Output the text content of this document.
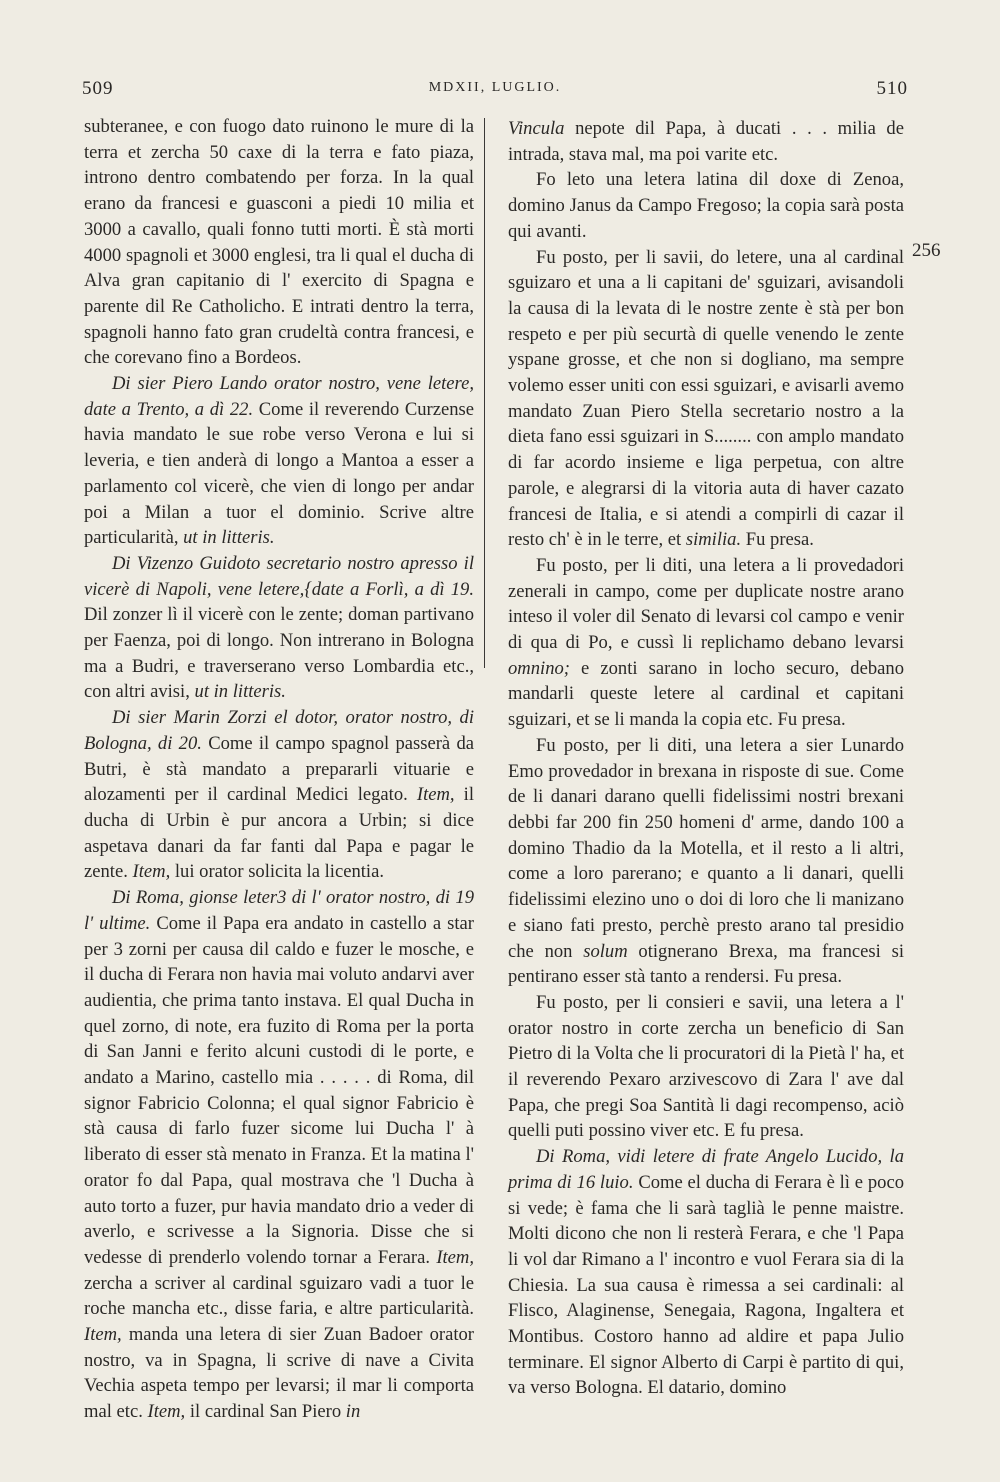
509	MDXII, LUGLIO.	510
256

subteranee, e con fuogo dato ruinono le mure di la terra et zercha 50 caxe di la terra e fato piaza, introno dentro combatendo per forza. In la qual erano da francesi e guasconi a piedi 10 milia et 3000 a cavallo, quali fonno tutti morti. È stà morti 4000 spagnoli et 3000 englesi, tra li qual el ducha di Alva gran capitanio di l' exercito di Spagna e parente dil Re Catholicho. E intrati dentro la terra, spagnoli hanno fato gran crudeltà contra francesi, e che corevano fino a Bordeos.

Di sier Piero Lando orator nostro, vene letere, date a Trento, a dì 22. Come il reverendo Curzense havia mandato le sue robe verso Verona e lui si leveria, e tien anderà di longo a Mantoa a esser a parlamento col vicerè, che vien di longo per andar poi a Milan a tuor el dominio. Scrive altre particularità, ut in litteris.

Di Vizenzo Guidoto secretario nostro apresso il vicerè di Napoli, vene letere,{date a Forlì, a dì 19. Dil zonzer lì il vicerè con le zente; doman partivano per Faenza, poi di longo. Non intrerano in Bologna ma a Budri, e traverserano verso Lombardia etc., con altri avisi, ut in litteris.

Di sier Marin Zorzi el dotor, orator nostro, di Bologna, di 20. Come il campo spagnol passerà da Butri, è stà mandato a prepararli vituarie e alozamenti per il cardinal Medici legato. Item, il ducha di Urbin è pur ancora a Urbin; si dice aspetava danari da far fanti dal Papa e pagar le zente. Item, lui orator solicita la licentia.

Di Roma, gionse leter3 di l' orator nostro, di 19 l' ultime. Come il Papa era andato in castello a star per 3 zorni per causa dil caldo e fuzer le mosche, e il ducha di Ferara non havia mai voluto andarvi aver audientia, che prima tanto instava. El qual Ducha in quel zorno, di note, era fuzito di Roma per la porta di San Janni e ferito alcuni custodi di le porte, e andato a Marino, castello mia . . . . . di Roma, dil signor Fabricio Colonna; el qual signor Fabricio è stà causa di farlo fuzer sicome lui Ducha l' à liberato di esser stà menato in Franza. Et la matina l' orator fo dal Papa, qual mostrava che 'l Ducha à auto torto a fuzer, pur havia mandato drio a veder di averlo, e scrivesse a la Signoria. Disse che si vedesse di prenderlo volendo tornar a Ferara. Item, zercha a scriver al cardinal sguizaro vadi a tuor le roche mancha etc., disse faria, e altre particularità. Item, manda una letera di sier Zuan Badoer orator nostro, va in Spagna, li scrive di nave a Civita Vechia aspeta tempo per levarsi; il mar li comporta mal etc. Item, il cardinal San Piero in

Vincula nepote dil Papa, à ducati . . . milia de intrada, stava mal, ma poi varite etc.

Fo leto una letera latina dil doxe di Zenoa, domino Janus da Campo Fregoso; la copia sarà posta qui avanti.

Fu posto, per li savii, do letere, una al cardinal sguizaro et una a li capitani de' sguizari, avisandoli la causa di la levata di le nostre zente è stà per bon respeto e per più securtà di quelle venendo le zente yspane grosse, et che non si dogliano, ma sempre volemo esser uniti con essi sguizari, e avisarli avemo mandato Zuan Piero Stella secretario nostro a la dieta fano essi sguizari in S........ con amplo mandato di far acordo insieme e liga perpetua, con altre parole, e alegrarsi di la vitoria auta di haver cazato francesi de Italia, e si atendi a compirli di cazar il resto ch' è in le terre, et similia. Fu presa.

Fu posto, per li diti, una letera a li provedadori zenerali in campo, come per duplicate nostre arano inteso il voler dil Senato di levarsi col campo e venir di qua di Po, e cussì li replichamo debano levarsi omnino; e zonti sarano in locho securo, debano mandarli queste letere al cardinal et capitani sguizari, et se li manda la copia etc. Fu presa.

Fu posto, per li diti, una letera a sier Lunardo Emo provedador in brexana in risposte di sue. Come de li danari darano quelli fidelissimi nostri brexani debbi far 200 fin 250 homeni d' arme, dando 100 a domino Thadio da la Motella, et il resto a li altri, come a loro parerano; e quanto a li danari, quelli fidelissimi elezino uno o doi di loro che li manizano e siano fati presto, perchè presto arano tal presidio che non solum otignerano Brexa, ma francesi si pentirano esser stà tanto a rendersi. Fu presa.

Fu posto, per li consieri e savii, una letera a l' orator nostro in corte zercha un beneficio di San Pietro di la Volta che li procuratori di la Pietà l' ha, et il reverendo Pexaro arzivescovo di Zara l' ave dal Papa, che pregi Soa Santità li dagi recompenso, aciò quelli puti possino viver etc. E fu presa.

Di Roma, vidi letere di frate Angelo Lucido, la prima di 16 luio. Come el ducha di Ferara è lì e poco si vede; è fama che li sarà taglià le penne maistre. Molti dicono che non li resterà Ferara, e che 'l Papa li vol dar Rimano a l' incontro e vuol Ferara sia di la Chiesia. La sua causa è rimessa a sei cardinali: al Flisco, Alaginense, Senegaia, Ragona, Ingaltera et Montibus. Costoro hanno ad aldire et papa Julio terminare. El signor Alberto di Carpi è partito di qui, va verso Bologna. El datario, domino
